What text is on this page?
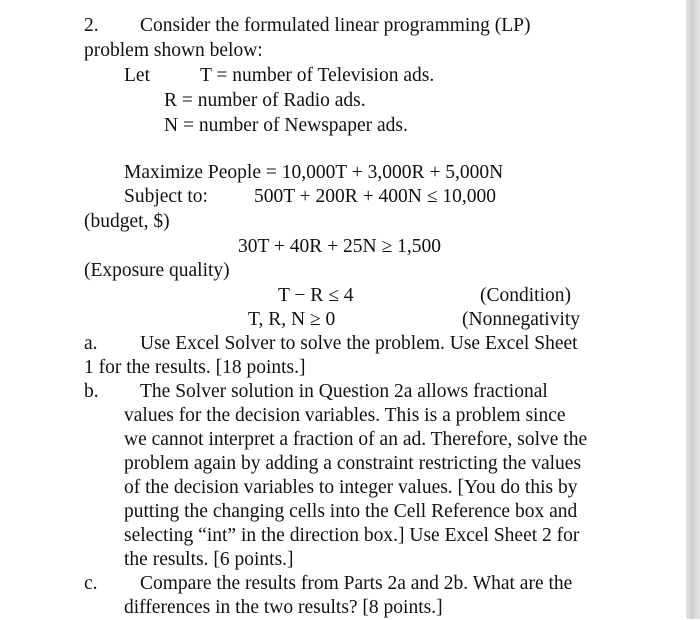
2. Consider the formulated linear programming (LP)
problem shown below:
Let	T = number of Television ads.
R = number of Radio ads.
N = number of Newspaper ads.
Maximize People = 10,000T + 3,000R + 5,000N
Subject to: 500T + 200R + 400N ≤ 10,000
(budget, $)
30T + 40R + 25N ≥ 1,500
(Exposure quality)
T − R ≤ 4	(Condition)
T, R, N ≥ 0	(Nonnegativity
a. Use Excel Solver to solve the problem. Use Excel Sheet
1 for the results. [18 points.]
b. The Solver solution in Question 2a allows fractional
values for the decision variables. This is a problem since
we cannot interpret a fraction of an ad. Therefore, solve the
problem again by adding a constraint restricting the values
of the decision variables to integer values. [You do this by
putting the changing cells into the Cell Reference box and
selecting “int” in the direction box.] Use Excel Sheet 2 for
the results. [6 points.]
c. Compare the results from Parts 2a and 2b. What are the
differences in the two results? [8 points.]
